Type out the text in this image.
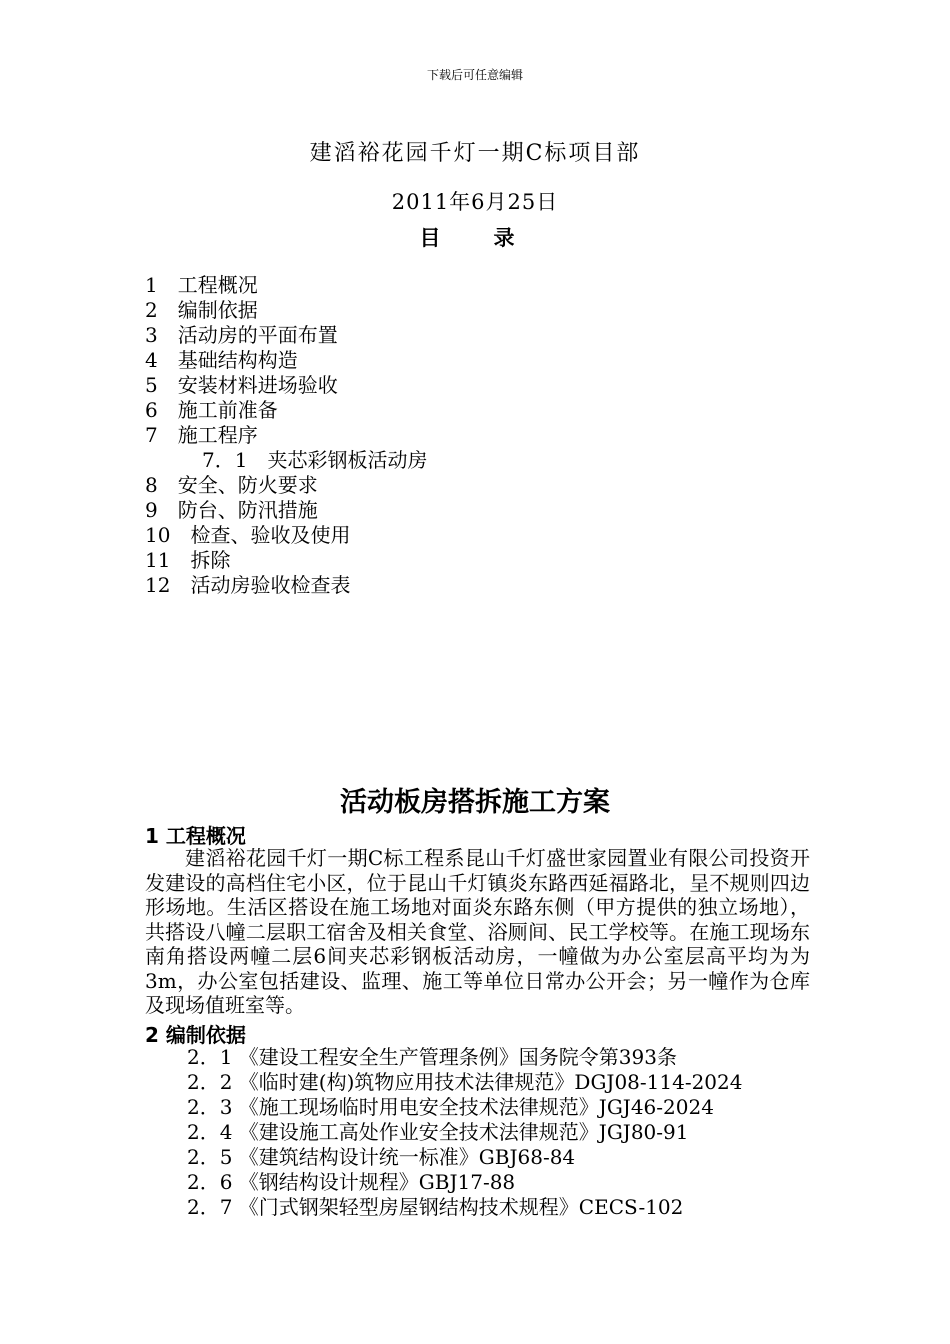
下载后可任意编辑
建滔裕花园千灯一期C标项目部
2011年6月25日
目　录
1　工程概况
2　编制依据
3　活动房的平面布置
4　基础结构构造
5　安装材料进场验收
6　施工前准备
7　施工程序
7．1　夹芯彩钢板活动房
8　安全、防火要求
9　防台、防汛措施
10　检查、验收及使用
11　拆除
12　活动房验收检查表
活动板房搭拆施工方案
1 工程概况
建滔裕花园千灯一期C标工程系昆山千灯盛世家园置业有限公司投资开发建设的高档住宅小区，位于昆山千灯镇炎东路西延福路北，呈不规则四边形场地。生活区搭设在施工场地对面炎东路东侧（甲方提供的独立场地），共搭设八幢二层职工宿舍及相关食堂、浴厕间、民工学校等。在施工现场东南角搭设两幢二层6间夹芯彩钢板活动房，一幢做为办公室层高平均为为3m，办公室包括建设、监理、施工等单位日常办公开会；另一幢作为仓库及现场值班室等。
2 编制依据
2．1 《建设工程安全生产管理条例》国务院令第393条
2．2 《临时建(构)筑物应用技术法律规范》DGJ08-114-2024
2．3 《施工现场临时用电安全技术法律规范》JGJ46-2024
2．4 《建设施工高处作业安全技术法律规范》JGJ80-91
2．5 《建筑结构设计统一标准》GBJ68-84
2．6 《钢结构设计规程》GBJ17-88
2．7 《门式钢架轻型房屋钢结构技术规程》CECS-102
